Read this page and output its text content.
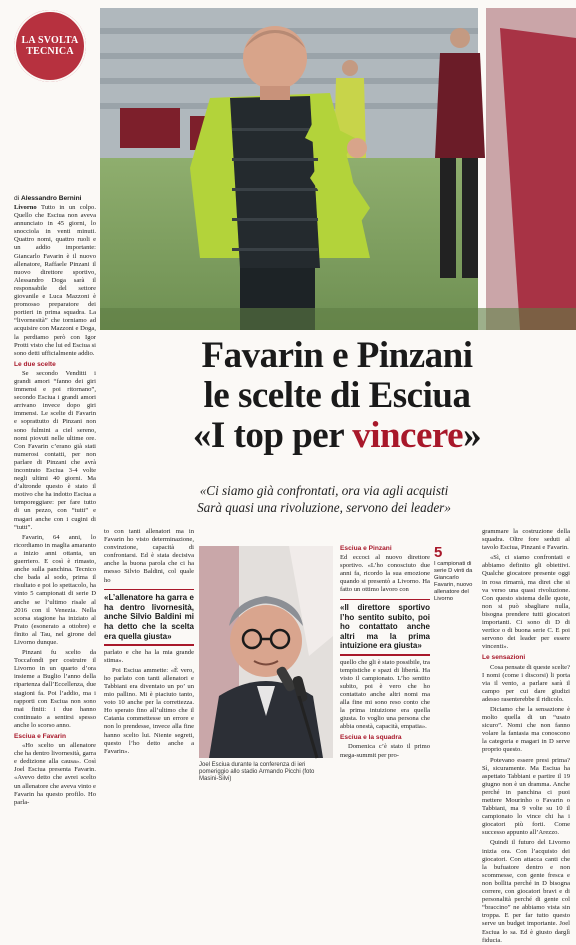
LA SVOLTA
TECNICA
di Alessandro Bernini

Livorno Tutto in un colpo. Quello che Esciua non aveva annunciato in 45 giorni, lo snocciola in venti minuti. Quattro nomi, quattro ruoli e un addio importante: Giancarlo Favarin è il nuovo allenatore, Raffaele Pinzani il nuovo direttore sportivo, Alessandro Doga sarà il responsabile del settore giovanile e Luca Mazzoni è promosso preparatore dei portieri in prima squadra. La “livornesità” che torniamo ad acquisire con Mazzoni e Doga, la perdiamo però con Igor Protti visto che lui ed Esciua si sono detti ufficialmente addio.

Le due scelte

Se secondo Venditti i grandi amori “fanno dei giri immensi e poi ritornano”, secondo Esciua i grandi amori arrivano invece dopo giri immensi. Le scelte di Favarin e soprattutto di Pinzani non sono fulmini a ciel sereno, nomi piovuti nelle ultime ore. Con Favarin c’erano già stati numerosi contatti, per non parlare di Pinzani che avrà incontrato Esciua 3-4 volte negli ultimi 40 giorni. Ma d’altronde questo è stato il motivo che ha indotto Esciua a temporeggiare: per fare tutto di un pezzo, con “tutti” e magari anche con i cugini di “tutti”.

Favarin, 64 anni, lo ricordiamo in maglia amaranto a inizio anni ottanta, un guerriero. E così è rimasto, anche sulla panchina. Tecnico che bada al sodo, prima il risultato e poi lo spettacolo, ha vinto 5 campionati di serie D anche se l’ultimo risale al 2016 con il Venezia. Nella scorsa stagione ha iniziato al Prato (esonerato a ottobre) e finito al Tau, nel girone del Livorno dunque.

Pinzani fu scelto da Toccafondi per costruire il Livorno in un quarto d’ora insieme a Buglio l’anno della ripartenza dall’Eccellenza, due stagioni fa. Poi l’addio, ma i rapporti con Esciua non sono mai finiti: i due hanno continuato a sentirsi spesso anche lo scorso anno.

Esciua e Favarin

«Ho scelto un allenatore che ha dentro livornesità, garra e dedizione alla causa». Così Joel Esciua presenta Favarin. «Avevo detto che avrei scelto un allenatore che aveva vinto e Favarin ha questo profilo. Ho parla-

Favarin e Pinzani
le scelte di Esciua
«I top per vincere»
«Ci siamo già confrontati, ora via agli acquisti
Sarà quasi una rivoluzione, servono dei leader»

to con tanti allenatori ma in Favarin ho visto determinazione, convinzione, capacità di confrontarsi. Ed è stata decisiva anche la buona parola che ci ha messo Silvio Baldini, col quale ho

«L’allenatore ha garra e ha dentro livornesità, anche Silvio Baldini mi ha detto che la scelta era quella giusta»

parlato e che ha la mia grande stima».

Poi Esciua ammette: «È vero, ho parlato con tanti allenatori e Tabbiani era diventato un po’ un mio pallino. Mi è piaciuto tanto, voto 10 anche per la correttezza. Ho sperato fino all’ultimo che il Catania commettesse un errore e non lo prendesse, invece alla fine hanno scelto lui. Niente segreti, questo l’ho detto anche a Favarin».

Joel Esciua durante la conferenza di ieri pomeriggio allo stadio Armando Picchi (foto Masini-Silvi)
Esciua e Pinzani

Ed eccoci al nuovo direttore sportivo. «L’ho conosciuto due anni fa, ricordo la sua emozione quando si presentò a Livorno. Ha fatto un ottimo lavoro con

«Il direttore sportivo l’ho sentito subito, poi ho contattato anche altri ma la prima intuizione era giusta»

quello che gli è stato possibile, tra tempistiche e spazi di libertà. Ha visto il campionato. L’ho sentito subito, poi è vero che ho contattato anche altri nomi ma alla fine mi sono reso conto che la prima intuizione era quella giusta. Io voglio una persona che abbia onestà, capacità, empatia».

Esciua e la squadra

Domenica c’è stato il primo mega-summit per pro-

5
I campionati di serie D vinti da Giancarlo Favarin, nuovo allenatore del Livorno

grammare la costruzione della squadra. Oltre fore seduti al tavolo Esciua, Pinzani e Favarin.

«Sì, ci siamo confrontati e abbiamo definito gli obiettivi. Qualche giocatore presente oggi in rosa rimarrà, ma direi che si va verso una quasi rivoluzione. Con questo sistema delle quote, non si può sbagliare nulla, bisogna prendere tutti giocatori importanti. Ci sono di D di vertice o di buona serie C. E poi servono dei leader per essere vincenti».

Le sensazioni

Cosa pensate di queste scelte? I nomi (come i discorsi) li porta via il vento, a parlare sarà il campo per cui dare giudizi adesso rasenterebbe il ridicolo.

Diciamo che la sensazione è molto quella di un “usato sicuro”. Nomi che non fanno volare la fantasia ma conoscono la categoria e magari in D serve proprio questo.

Potevano essere presi prima? Sì, sicuramente. Ma Esciua ha aspettato Tabbiani e partire il 19 giugno non è un dramma. Anche perché in panchina ci puoi mettere Mourinho o Favarin o Tabbiani, ma 9 volte su 10 il campionato lo vince chi ha i giocatori più forti. Come successo appunto all’Arezzo.

Quindi il futuro del Livorno inizia ora. Con l’acquisto dei giocatori. Con attacca canti che la bufuatore dentro e non scommesse, con gente fresca e non bollita perché in D bisogna correre, con giocatori bravi e di personalità perché di gente col “braccino” ne abbiamo vista sin troppa. E per far tutto questo serve un budget importante. Joel Esciua lo sa. Ed è giusto darglì fiducia.
